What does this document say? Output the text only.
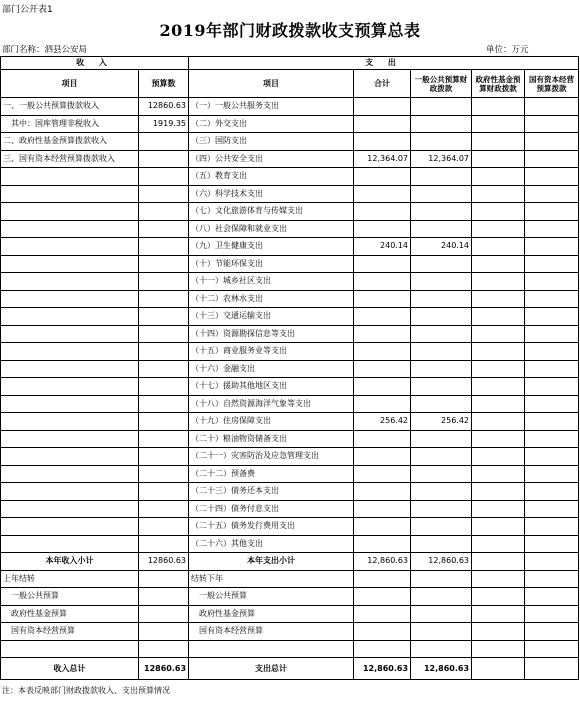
部门公开表1
2019年部门财政拨款收支预算总表
部门名称：泗县公安局	单位：万元
收 入		支 出				
项目	预算数	项目	合计	一般公共预算财政拨款	政府性基金预算财政拨款	国有资本经营预算拨款
一、一般公共预算拨款收入	12860.63	（一）一般公共服务支出				
其中：国库管理非税收入	1919.35	（二）外交支出				
二、政府性基金预算拨款收入		（三）国防支出				
三、国有资本经营预算拨款收入		（四）公共安全支出	12,364.07	12,364.07		
		（五）教育支出				
		（六）科学技术支出				
		（七）文化旅游体育与传媒支出				
		（八）社会保障和就业支出				
		（九）卫生健康支出	240.14	240.14		
		（十）节能环保支出				
		（十一）城乡社区支出				
		（十二）农林水支出				
		（十三）交通运输支出				
		（十四）资源勘探信息等支出				
		（十五）商业服务业等支出				
		（十六）金融支出				
		（十七）援助其他地区支出				
		（十八）自然资源海洋气象等支出				
		（十九）住房保障支出	256.42	256.42		
		（二十）粮油物资储备支出				
		（二十一）灾害防治及应急管理支出				
		（二十二）预备费				
		（二十三）债务还本支出				
		（二十四）债务付息支出				
		（二十五）债务发行费用支出				
		（二十六）其他支出				
本年收入小计	12860.63	本年支出小计	12,860.63	12,860.63		
上年结转		结转下年				
一般公共预算		一般公共预算				
政府性基金预算		政府性基金预算				
国有资本经营预算		国有资本经营预算				

收入总计	12860.63	支出总计	12,860.63	12,860.63		
注：本表反映部门财政拨款收入、支出预算情况
